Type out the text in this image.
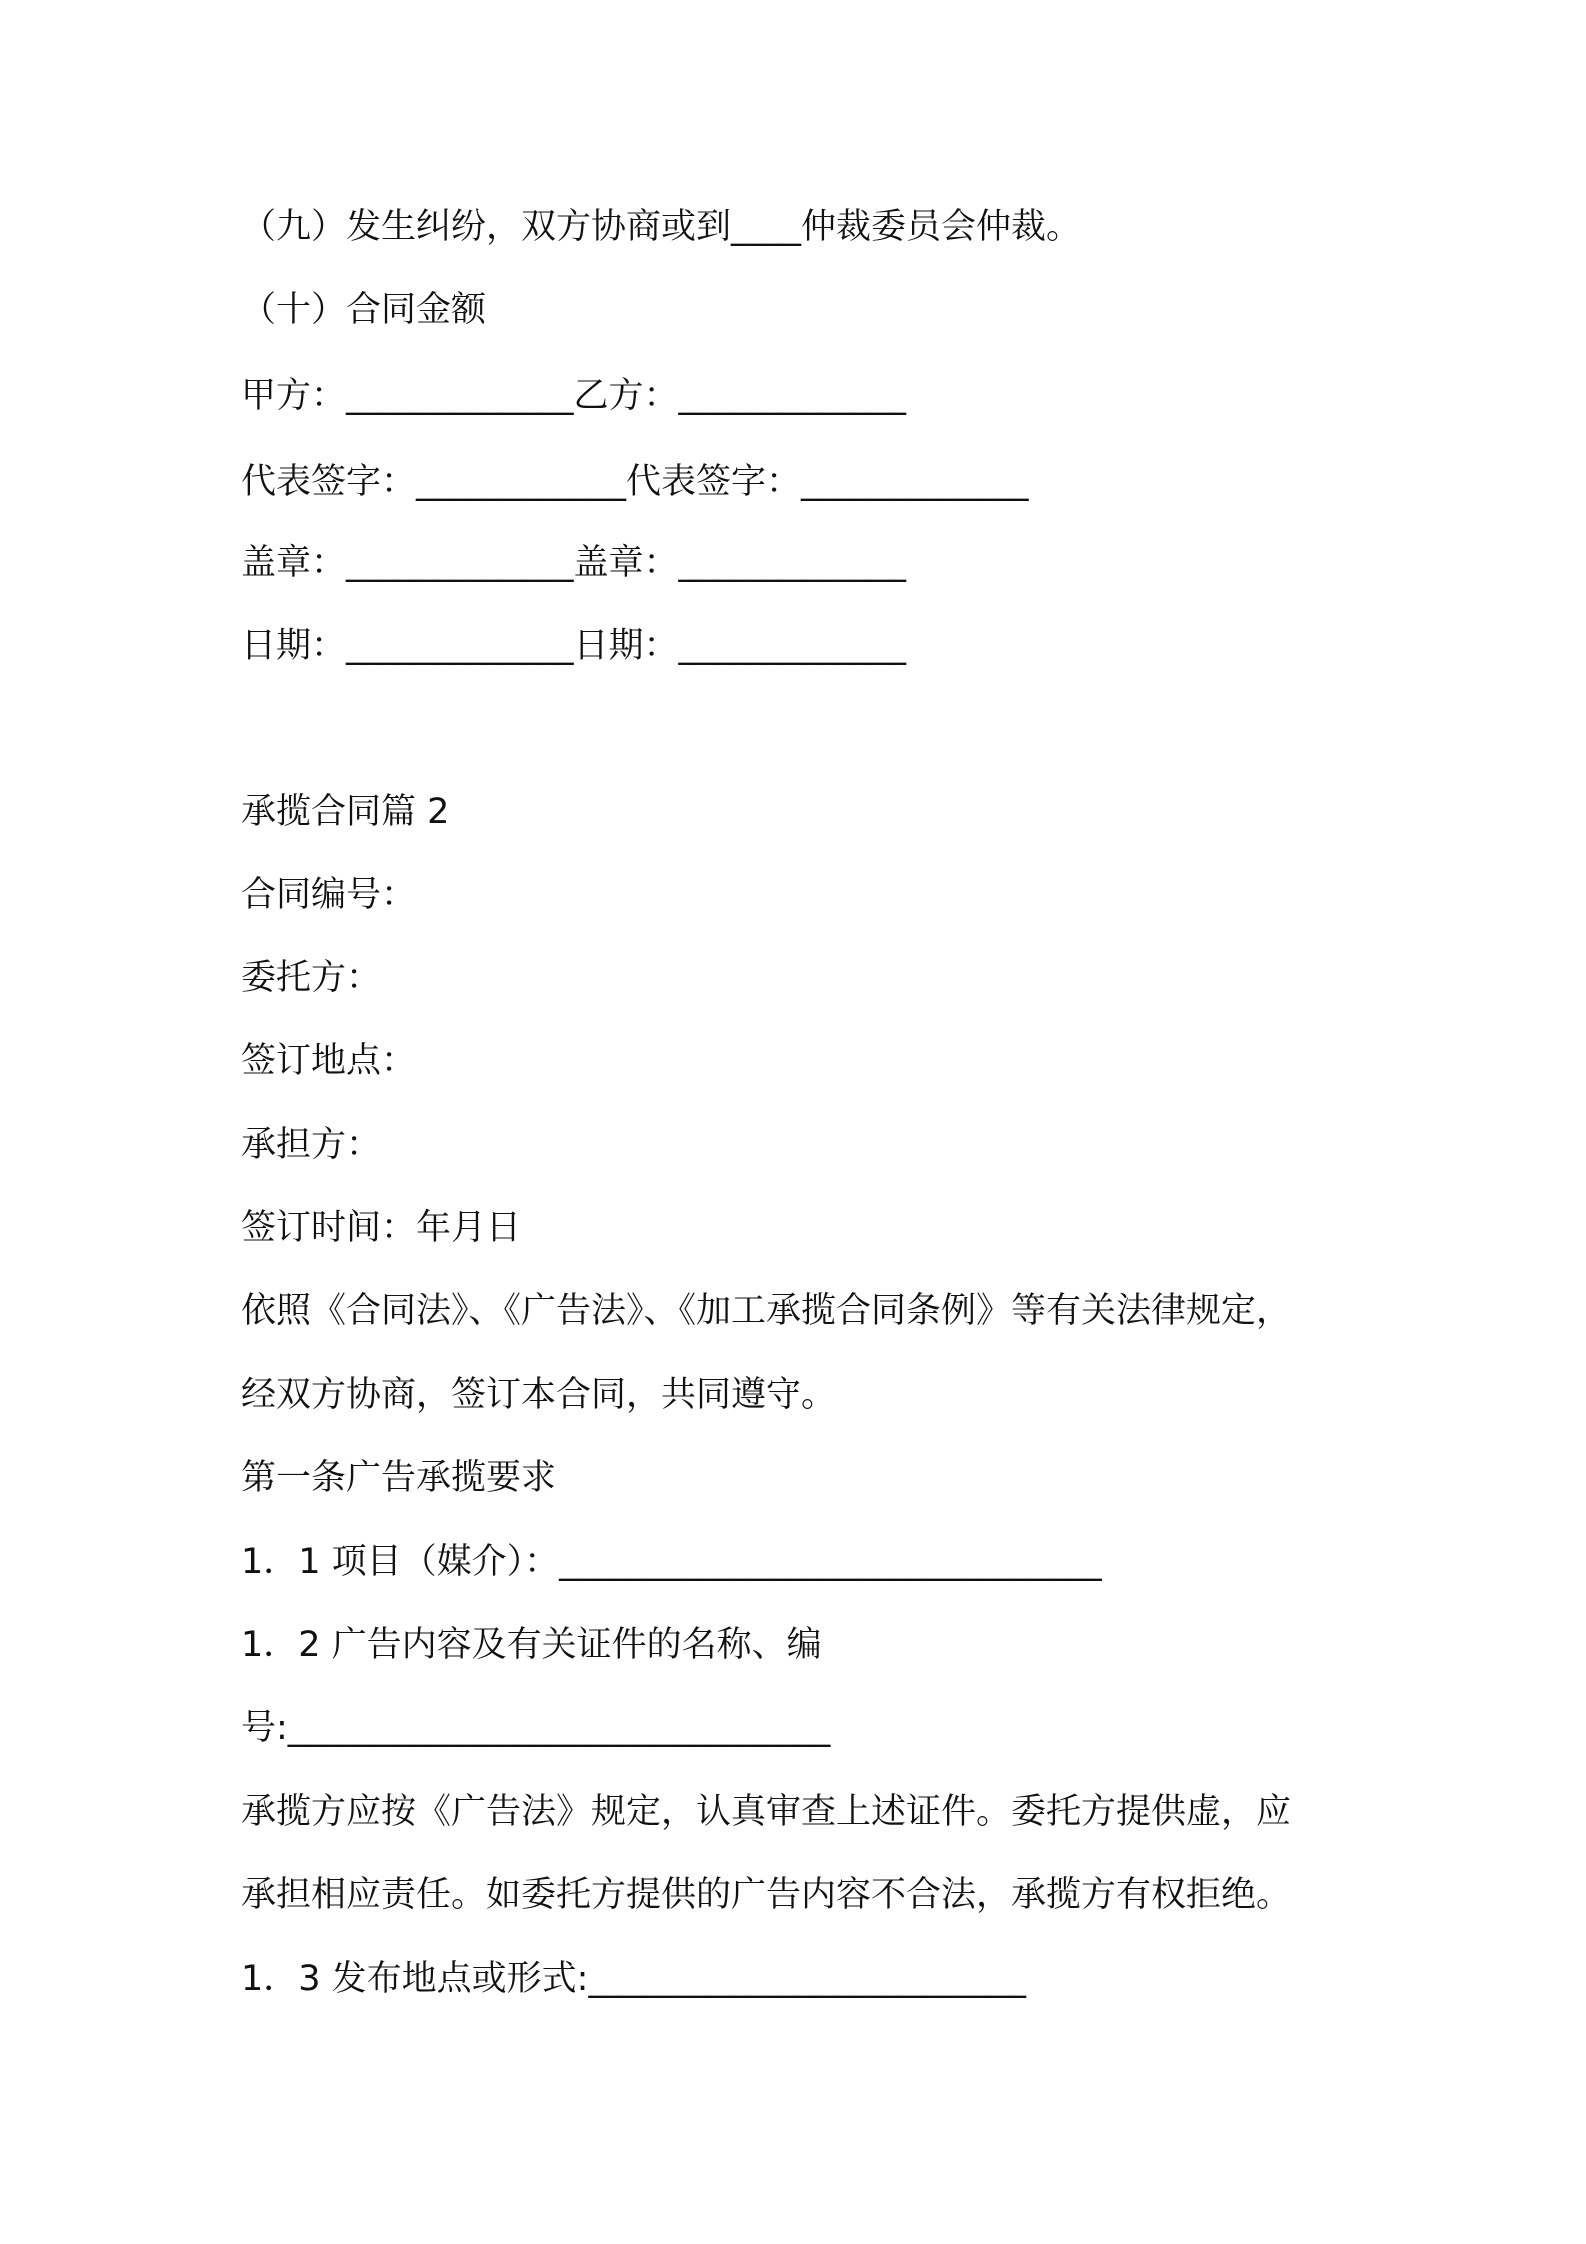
（九）发生纠纷，双方协商或到____仲裁委员会仲裁。
（十）合同金额
甲方：_____________乙方：_____________
代表签字：____________代表签字：_____________
盖章：_____________盖章：_____________
日期：_____________日期：_____________
承揽合同篇 2
合同编号：
委托方：
签订地点：
承担方：
签订时间：年月日
依照《合同法》、《广告法》、《加工承揽合同条例》等有关法律规定，
经双方协商，签订本合同，共同遵守。
第一条广告承揽要求
1．1 项目（媒介）：_______________________________
1．2 广告内容及有关证件的名称、编
号:_______________________________
承揽方应按《广告法》规定，认真审查上述证件。委托方提供虚，应
承担相应责任。如委托方提供的广告内容不合法，承揽方有权拒绝。
1．3 发布地点或形式:_________________________
